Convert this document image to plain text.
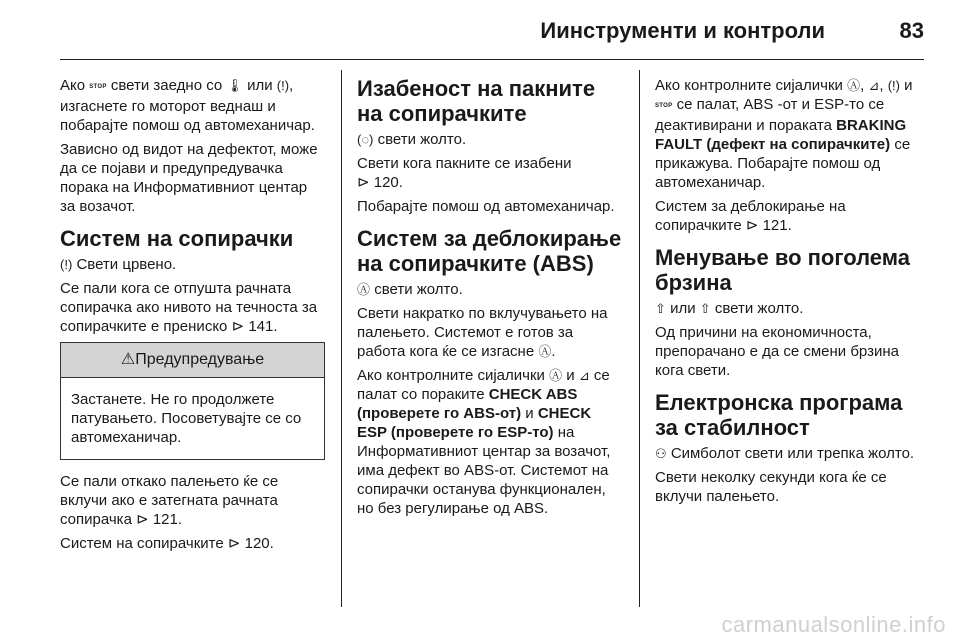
Иинструменти и контроли	83

Ако STOP свети заедно со 🌡 или (!), изгаснете го моторот веднаш и побарајте помош од автомеханичар.

Зависно од видот на дефектот, може да се појави и предупредувачка порака на Информативниот центар за возачот.

Систем на сопирачки

(!) Свети црвено.

Се пали кога се отпушта рачната сопирачка ако нивото на течноста за сопирачките е прениско ⊳ 141.

⚠Предупредување
Застанете. Не го продолжете патувањето. Посоветувајте се со автомеханичар.

Се пали откако палењето ќе се вклучи ако е затегната рачната сопирачка ⊳ 121.

Систем на сопирачките ⊳ 120.

Изабеност на пакните на сопирачките

(◌) свети жолто.

Свети кога пакните се изабени
⊳ 120.

Побарајте помош од автомеханичар.

Систем за деблокирање на сопирачките (ABS)

Ⓐ свети жолто.

Свети накратко по вклучувањето на палењето. Системот е готов за работа кога ќе се изгасне Ⓐ.

Ако контролните сијалички Ⓐ и ⊿ се палат со пораките CHECK ABS (проверете го ABS-от) и CHECK ESP (проверете го ESP-то) на Информативниот центар за возачот, има дефект во ABS-от. Системот на сопирачки останува функционален, но без регулирање од ABS.

Ако контролните сијалички Ⓐ, ⊿, (!) и STOP се палат, ABS -от и ESP-то се деактивирани и пораката BRAKING FAULT (дефект на сопирачките) се прикажува. Побарајте помош од автомеханичар.

Систем за деблокирање на сопирачките ⊳ 121.

Менување во поголема брзина

⇧ или ⇧ свети жолто.

Од причини на економичноста, препорачано е да се смени брзина кога свети.

Електронска програма за стабилност

⚇ Симболот свети или трепка жолто.

Свети неколку секунди кога ќе се вклучи палењето.

carmanualsonline.info
